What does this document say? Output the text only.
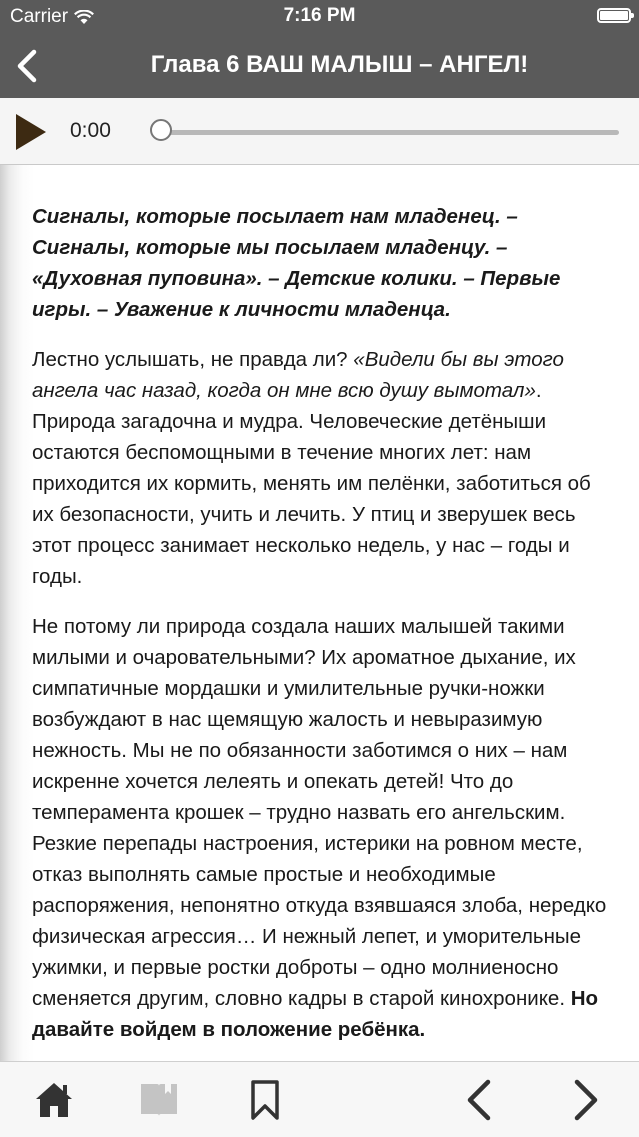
Carrier	7:16 PM
Глава 6 ВАШ МАЛЫШ – АНГЕЛ!
0:00

Сигналы, которые посылает нам младенец. – Сигналы, которые мы посылаем младенцу. – «Духовная пуповина». – Детские колики. – Первые игры. – Уважение к личности младенца.

Лестно услышать, не правда ли? «Видели бы вы этого ангела час назад, когда он мне всю душу вымотал». Природа загадочна и мудра. Человеческие детёныши остаются беспомощными в течение многих лет: нам приходится их кормить, менять им пелёнки, заботиться об их безопасности, учить и лечить. У птиц и зверушек весь этот процесс занимает несколько недель, у нас – годы и годы.

Не потому ли природа создала наших малышей такими милыми и очаровательными? Их ароматное дыхание, их симпатичные мордашки и умилительные ручки-ножки возбуждают в нас щемящую жалость и невыразимую нежность. Мы не по обязанности заботимся о них – нам искренне хочется лелеять и опекать детей! Что до темперамента крошек – трудно назвать его ангельским. Резкие перепады настроения, истерики на ровном месте, отказ выполнять самые простые и необходимые распоряжения, непонятно откуда взявшаяся злоба, нередко физическая агрессия… И нежный лепет, и уморительные ужимки, и первые ростки доброты – одно молниеносно сменяется другим, словно кадры в старой кинохронике. Но давайте войдем в положение ребёнка.
